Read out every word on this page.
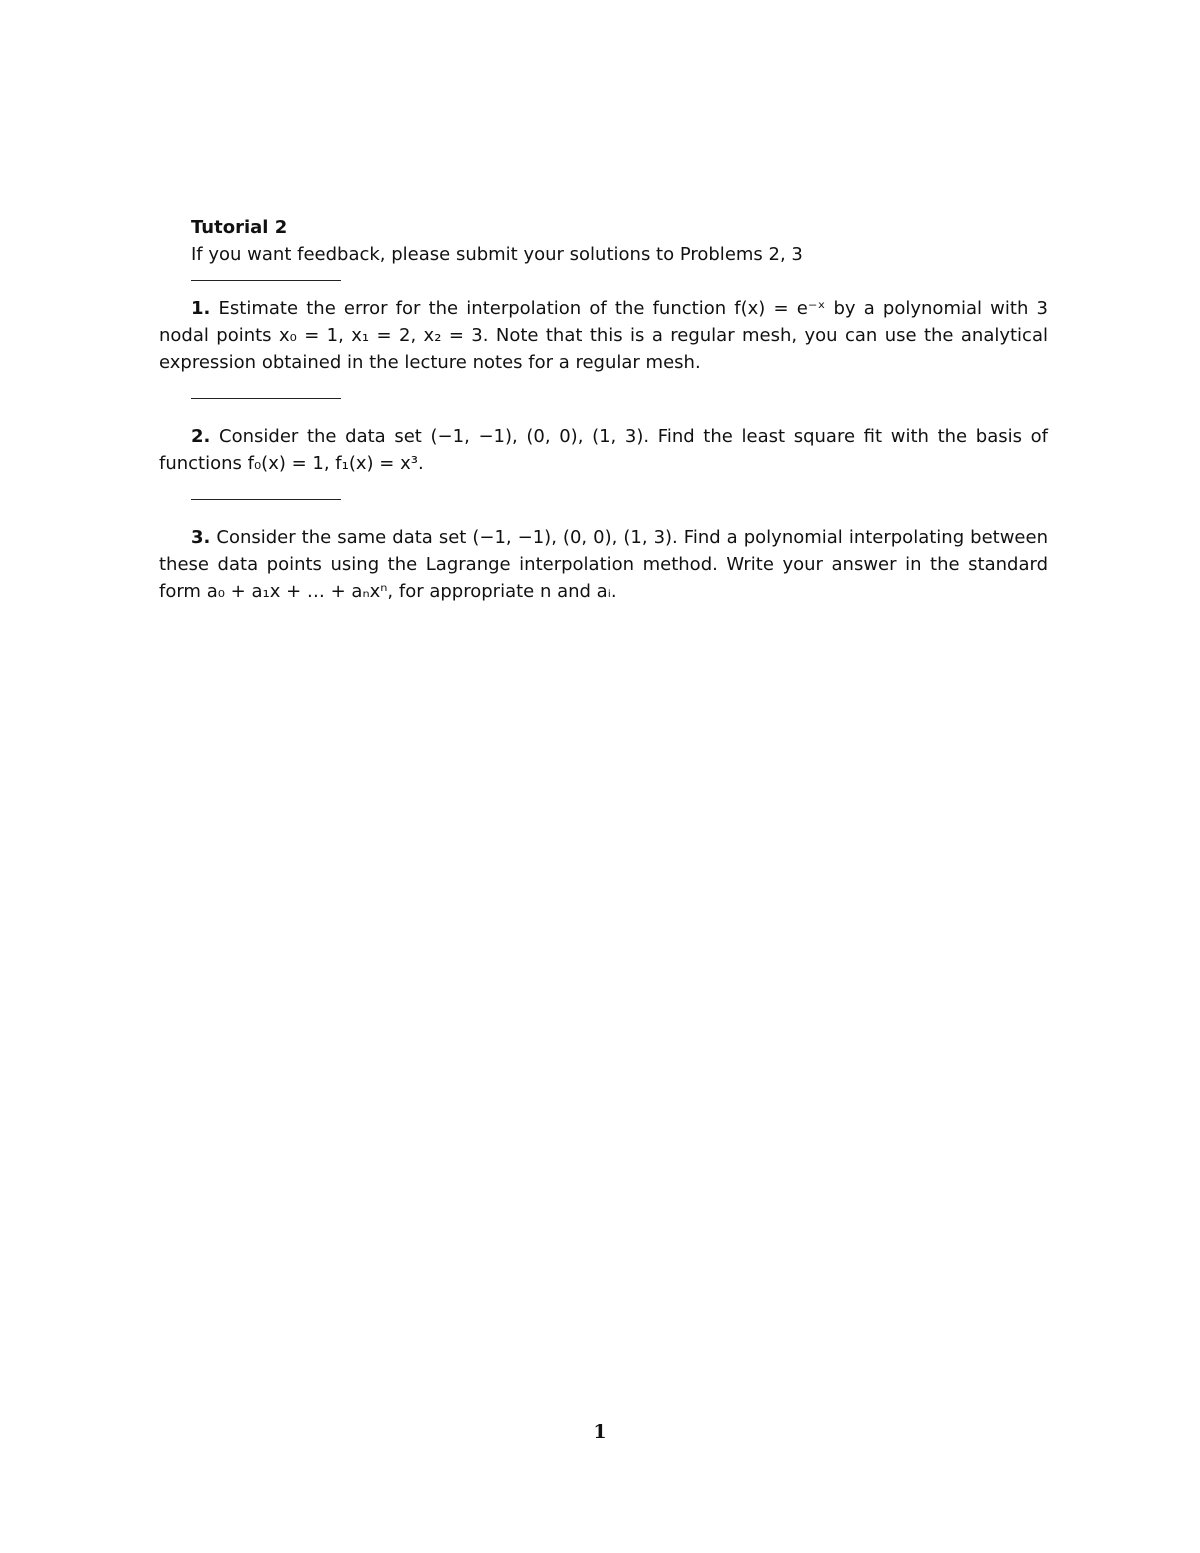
Tutorial 2
If you want feedback, please submit your solutions to Problems 2, 3
1. Estimate the error for the interpolation of the function f(x) = e⁻ˣ by a polynomial with 3 nodal points x₀ = 1, x₁ = 2, x₂ = 3. Note that this is a regular mesh, you can use the analytical expression obtained in the lecture notes for a regular mesh.
2. Consider the data set (−1, −1), (0, 0), (1, 3). Find the least square fit with the basis of functions f₀(x) = 1, f₁(x) = x³.
3. Consider the same data set (−1, −1), (0, 0), (1, 3). Find a polynomial interpolating between these data points using the Lagrange interpolation method. Write your answer in the standard form a₀ + a₁x + … + aₙxⁿ, for appropriate n and aᵢ.
1
